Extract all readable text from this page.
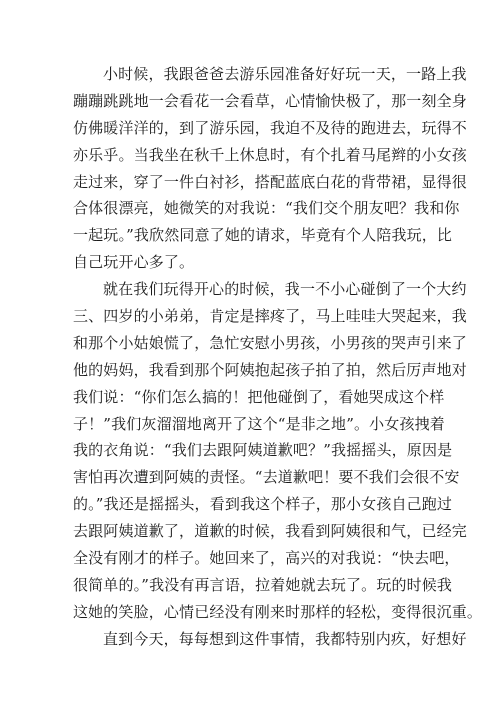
小时候，我跟爸爸去游乐园准备好好玩一天，一路上我
蹦蹦跳跳地一会看花一会看草，心情愉快极了，那一刻全身
仿佛暖洋洋的，到了游乐园，我迫不及待的跑进去，玩得不
亦乐乎。当我坐在秋千上休息时，有个扎着马尾辫的小女孩
走过来，穿了一件白衬衫，搭配蓝底白花的背带裙，显得很
合体很漂亮，她微笑的对我说：“我们交个朋友吧？我和你
一起玩。”我欣然同意了她的请求，毕竟有个人陪我玩，比
自己玩开心多了。
就在我们玩得开心的时候，我一不小心碰倒了一个大约
三、四岁的小弟弟，肯定是摔疼了，马上哇哇大哭起来，我
和那个小姑娘慌了，急忙安慰小男孩，小男孩的哭声引来了
他的妈妈，我看到那个阿姨抱起孩子拍了拍，然后厉声地对
我们说：“你们怎么搞的！把他碰倒了，看她哭成这个样
子！”我们灰溜溜地离开了这个“是非之地”。小女孩拽着
我的衣角说：“我们去跟阿姨道歉吧？”我摇摇头，原因是
害怕再次遭到阿姨的责怪。“去道歉吧！要不我们会很不安
的。”我还是摇摇头，看到我这个样子，那小女孩自己跑过
去跟阿姨道歉了，道歉的时候，我看到阿姨很和气，已经完
全没有刚才的样子。她回来了，高兴的对我说：“快去吧，
很简单的。”我没有再言语，拉着她就去玩了。玩的时候我
这她的笑脸，心情已经没有刚来时那样的轻松，变得很沉重。
直到今天，每每想到这件事情，我都特别内疚，好想好
